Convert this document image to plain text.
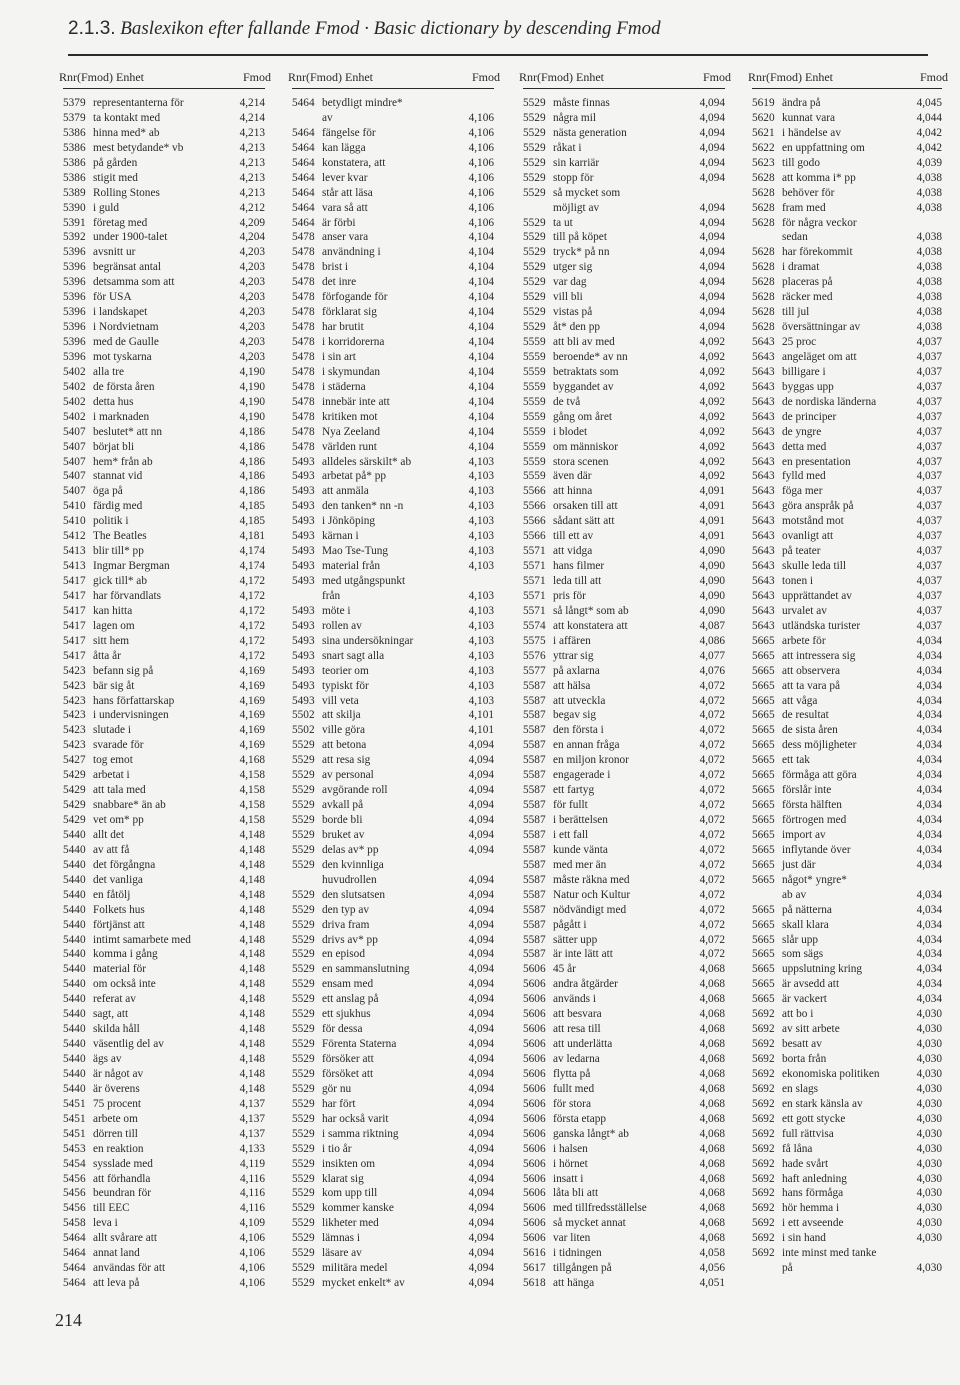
2.1.3. Baslexikon efter fallande Fmod · Basic dictionary by descending Fmod
Rnr(Fmod) Enhet	Fmod
5379 representanterna för	4,214
5379 ta kontakt med	4,214
5386 hinna med* ab	4,213
5386 mest betydande* vb	4,213
5386 på gården	4,213
5386 stigit med	4,213
5389 Rolling Stones	4,213
5390 i guld	4,212
5391 företag med	4,209
5392 under 1900-talet	4,204
5396 avsnitt ur	4,203
5396 begränsat antal	4,203
5396 detsamma som att	4,203
5396 för USA	4,203
5396 i landskapet	4,203
5396 i Nordvietnam	4,203
5396 med de Gaulle	4,203
5396 mot tyskarna	4,203
5402 alla tre	4,190
5402 de första åren	4,190
5402 detta hus	4,190
5402 i marknaden	4,190
5407 beslutet* att nn	4,186
5407 börjat bli	4,186
5407 hem* från ab	4,186
5407 stannat vid	4,186
5407 öga på	4,186
5410 färdig med	4,185
5410 politik i	4,185
5412 The Beatles	4,181
5413 blir till* pp	4,174
5413 Ingmar Bergman	4,174
5417 gick till* ab	4,172
5417 har förvandlats	4,172
5417 kan hitta	4,172
5417 lagen om	4,172
5417 sitt hem	4,172
5417 åtta år	4,172
5423 befann sig på	4,169
5423 bär sig åt	4,169
5423 hans författarskap	4,169
5423 i undervisningen	4,169
5423 slutade i	4,169
5423 svarade för	4,169
5427 tog emot	4,168
5429 arbetat i	4,158
5429 att tala med	4,158
5429 snabbare* än ab	4,158
5429 vet om* pp	4,158
5440 allt det	4,148
5440 av att få	4,148
5440 det förgångna	4,148
5440 det vanliga	4,148
5440 en fåtölj	4,148
5440 Folkets hus	4,148
5440 förtjänst att	4,148
5440 intimt samarbete med	4,148
5440 komma i gång	4,148
5440 material för	4,148
5440 om också inte	4,148
5440 referat av	4,148
5440 sagt, att	4,148
5440 skilda håll	4,148
5440 väsentlig del av	4,148
5440 ägs av	4,148
5440 är något av	4,148
5440 är överens	4,148
5451 75 procent	4,137
5451 arbete om	4,137
5451 dörren till	4,137
5453 en reaktion	4,133
5454 syssladе med	4,119
5456 att förhandla	4,116
5456 beundran för	4,116
5456 till EEC	4,116
5458 leva i	4,109
5464 allt svårare att	4,106
5464 annat land	4,106
5464 användas för att	4,106
5464 att leva på	4,106
Rnr(Fmod) Enhet	Fmod
5464 betydligt mindre*
av	4,106
5464 fängelse för	4,106
5464 kan lägga	4,106
5464 konstatera, att	4,106
5464 lever kvar	4,106
5464 står att läsa	4,106
5464 vara så att	4,106
5464 är förbi	4,106
5478 anser vara	4,104
5478 användning i	4,104
5478 brist i	4,104
5478 det inre	4,104
5478 förfogande för	4,104
5478 förklarat sig	4,104
5478 har brutit	4,104
5478 i korridorerna	4,104
5478 i sin art	4,104
5478 i skymundan	4,104
5478 i städerna	4,104
5478 innebär inte att	4,104
5478 kritiken mot	4,104
5478 Nya Zeeland	4,104
5478 världen runt	4,104
5493 alldeles särskilt* ab	4,103
5493 arbetat på* pp	4,103
5493 att anmäla	4,103
5493 den tanken* nn -n	4,103
5493 i Jönköping	4,103
5493 kärnan i	4,103
5493 Mao Tse-Tung	4,103
5493 material från	4,103
5493 med utgångspunkt
från	4,103
5493 möte i	4,103
5493 rollen av	4,103
5493 sina undersökningar	4,103
5493 snart sagt alla	4,103
5493 teorier om	4,103
5493 typiskt för	4,103
5493 vill veta	4,103
5502 att skilja	4,101
5502 ville göra	4,101
5529 att betona	4,094
5529 att resa sig	4,094
5529 av personal	4,094
5529 avgörande roll	4,094
5529 avkall på	4,094
5529 borde bli	4,094
5529 bruket av	4,094
5529 delas av* pp	4,094
5529 den kvinnliga
huvudrollen	4,094
5529 den slutsatsen	4,094
5529 den typ av	4,094
5529 driva fram	4,094
5529 drivs av* pp	4,094
5529 en episod	4,094
5529 en sammanslutning	4,094
5529 ensam med	4,094
5529 ett anslag på	4,094
5529 ett sjukhus	4,094
5529 för dessa	4,094
5529 Förenta Staterna	4,094
5529 försöker att	4,094
5529 försöket att	4,094
5529 gör nu	4,094
5529 har fört	4,094
5529 har också varit	4,094
5529 i samma riktning	4,094
5529 i tio år	4,094
5529 insikten om	4,094
5529 klarat sig	4,094
5529 kom upp till	4,094
5529 kommer kanske	4,094
5529 likheter med	4,094
5529 lämnas i	4,094
5529 läsare av	4,094
5529 militära medel	4,094
5529 mycket enkelt* av	4,094
Rnr(Fmod) Enhet	Fmod
5529 måste finnas	4,094
5529 några mil	4,094
5529 nästa generation	4,094
5529 råkat i	4,094
5529 sin karriär	4,094
5529 stopp för	4,094
5529 så mycket som
möjligt av	4,094
5529 ta ut	4,094
5529 till på köpet	4,094
5529 tryck* på nn	4,094
5529 utger sig	4,094
5529 var dag	4,094
5529 vill bli	4,094
5529 vistas på	4,094
5529 åt* den pp	4,094
5559 att bli av med	4,092
5559 beroende* av nn	4,092
5559 betraktats som	4,092
5559 byggandet av	4,092
5559 de två	4,092
5559 gång om året	4,092
5559 i blodet	4,092
5559 om människor	4,092
5559 stora scenen	4,092
5559 även där	4,092
5566 att hinna	4,091
5566 orsaken till att	4,091
5566 sådant sätt att	4,091
5566 till ett av	4,091
5571 att vidga	4,090
5571 hans filmer	4,090
5571 leda till att	4,090
5571 pris för	4,090
5571 så långt* som ab	4,090
5574 att konstatera att	4,087
5575 i affären	4,086
5576 yttrar sig	4,077
5577 på axlarna	4,076
5587 att hälsa	4,072
5587 att utveckla	4,072
5587 begav sig	4,072
5587 den första i	4,072
5587 en annan fråga	4,072
5587 en miljon kronor	4,072
5587 engagerade i	4,072
5587 ett fartyg	4,072
5587 för fullt	4,072
5587 i berättelsen	4,072
5587 i ett fall	4,072
5587 kunde vänta	4,072
5587 med mer än	4,072
5587 måste räkna med	4,072
5587 Natur och Kultur	4,072
5587 nödvändigt med	4,072
5587 pågått i	4,072
5587 sätter upp	4,072
5587 är inte lätt att	4,072
5606 45 år	4,068
5606 andra åtgärder	4,068
5606 används i	4,068
5606 att besvara	4,068
5606 att resa till	4,068
5606 att underlätta	4,068
5606 av ledarna	4,068
5606 flytta på	4,068
5606 fullt med	4,068
5606 för stora	4,068
5606 första etapp	4,068
5606 ganska långt* ab	4,068
5606 i halsen	4,068
5606 i hörnet	4,068
5606 insatt i	4,068
5606 låta bli att	4,068
5606 med tillfredsställelse	4,068
5606 så mycket annat	4,068
5606 var liten	4,068
5616 i tidningen	4,058
5617 tillgången på	4,056
5618 att hänga	4,051
Rnr(Fmod) Enhet	Fmod
5619 ändra på	4,045
5620 kunnat vara	4,044
5621 i händelse av	4,042
5622 en uppfattning om	4,042
5623 till godo	4,039
5628 att komma i* pp	4,038
5628 behöver för	4,038
5628 fram med	4,038
5628 för några veckor
sedan	4,038
5628 har förekommit	4,038
5628 i dramat	4,038
5628 placeras på	4,038
5628 räcker med	4,038
5628 till jul	4,038
5628 översättningar av	4,038
5643 25 proc	4,037
5643 angeläget om att	4,037
5643 billigare i	4,037
5643 byggas upp	4,037
5643 de nordiska länderna	4,037
5643 de principer	4,037
5643 de yngre	4,037
5643 detta med	4,037
5643 en presentation	4,037
5643 fylld med	4,037
5643 föga mer	4,037
5643 göra anspråk på	4,037
5643 motstånd mot	4,037
5643 ovanligt att	4,037
5643 på teater	4,037
5643 skulle leda till	4,037
5643 tonen i	4,037
5643 upprättandet av	4,037
5643 urvalet av	4,037
5643 utländska turister	4,037
5665 arbete för	4,034
5665 att intressera sig	4,034
5665 att observera	4,034
5665 att ta vara på	4,034
5665 att våga	4,034
5665 de resultat	4,034
5665 de sista åren	4,034
5665 dess möjligheter	4,034
5665 ett tak	4,034
5665 förmåga att göra	4,034
5665 förslår inte	4,034
5665 första hälften	4,034
5665 förtrogen med	4,034
5665 import av	4,034
5665 inflytande över	4,034
5665 just där	4,034
5665 något* yngre*
ab av	4,034
5665 på nätterna	4,034
5665 skall klara	4,034
5665 slår upp	4,034
5665 som sägs	4,034
5665 uppslutning kring	4,034
5665 är avsedd att	4,034
5665 är vackert	4,034
5692 att bo i	4,030
5692 av sitt arbete	4,030
5692 besatt av	4,030
5692 borta från	4,030
5692 ekonomiska politiken	4,030
5692 en slags	4,030
5692 en stark känsla av	4,030
5692 ett gott stycke	4,030
5692 full rättvisa	4,030
5692 få låna	4,030
5692 hade svårt	4,030
5692 haft anledning	4,030
5692 hans förmåga	4,030
5692 hör hemma i	4,030
5692 i ett avseende	4,030
5692 i sin hand	4,030
5692 inte minst med tanke
på	4,030
214
